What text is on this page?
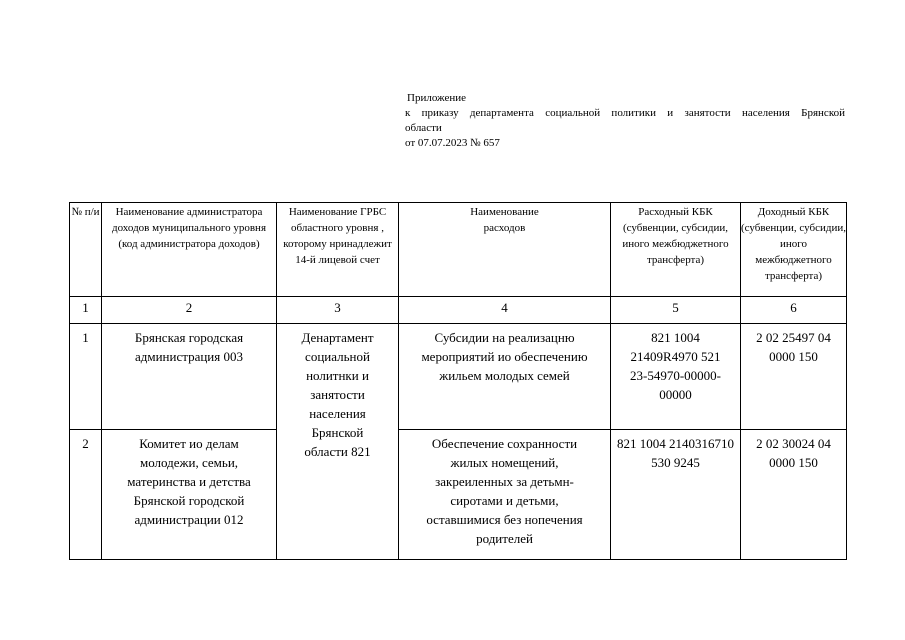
Приложение
к приказу департамента социальной политики и занятости населения Брянской
области
от 07.07.2023 № 657
№ п/и	Наименование администратора доходов муниципального уровня (код администратора доходов)	Наименование ГРБС областного уровня , которому нринадлежит 14-й лицевой счет	Наименование расходов	Расходный КБК (субвенции, субсидии, иного межбюджетного трансферта)	Доходный КБК (субвенции, субсидии, иного межбюджетного трансферта)

1	2	3	4	5	6
1	Брянская городская администрация 003	Денартамент социальной нолитнки и занятости населения Брянской области 821	Субсидии на реализацню мероприятий ио обеспечению жильем молодых семей	821 1004 21409R4970 521 23-54970-00000-00000	2 02 25497 04 0000 150

2	Комитет ио делам молодежи, семьи, материнства и детства Брянской городской администрации 012		Обеспечение сохранности жилых номещений, закреиленных за детьмн-сиротами и детьми, оставшимися без нопечения родителей	821 1004 2140316710 530 9245	2 02 30024 04 0000 150
